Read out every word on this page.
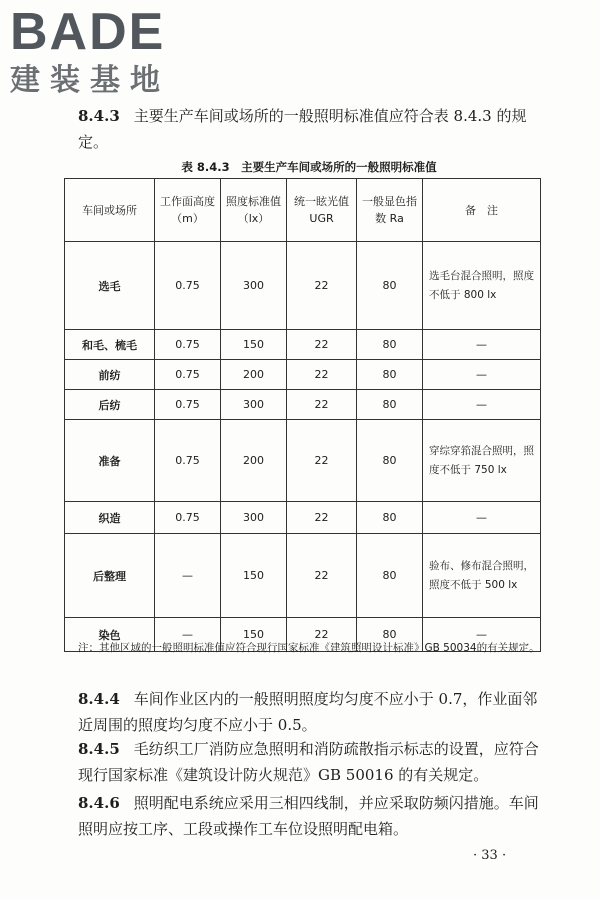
BADE
建装基地
8.4.3 主要生产车间或场所的一般照明标准值应符合表 8.4.3 的规定。
表 8.4.3　主要生产车间或场所的一般照明标准值
车间或场所	工作面高度（m）	照度标准值（lx）	统一眩光值 UGR	一般显色指数 Ra	备　注
选毛	0.75	300	22	80	选毛台混合照明，照度不低于 800 lx
和毛、梳毛	0.75	150	22	80	—
前纺	0.75	200	22	80	—
后纺	0.75	300	22	80	—
准备	0.75	200	22	80	穿综穿筘混合照明，照度不低于 750 lx
织造	0.75	300	22	80	—
后整理	—	150	22	80	验布、修布混合照明，照度不低于 500 lx
染色	—	150	22	80	—
注：其他区域的一般照明标准值应符合现行国家标准《建筑照明设计标准》GB 50034的有关规定。
8.4.4 车间作业区内的一般照明照度均匀度不应小于 0.7，作业面邻近周围的照度均匀度不应小于 0.5。
8.4.5 毛纺织工厂消防应急照明和消防疏散指示标志的设置，应符合现行国家标准《建筑设计防火规范》GB 50016 的有关规定。
8.4.6 照明配电系统应采用三相四线制，并应采取防频闪措施。车间照明应按工序、工段或操作工车位设照明配电箱。
· 33 ·
